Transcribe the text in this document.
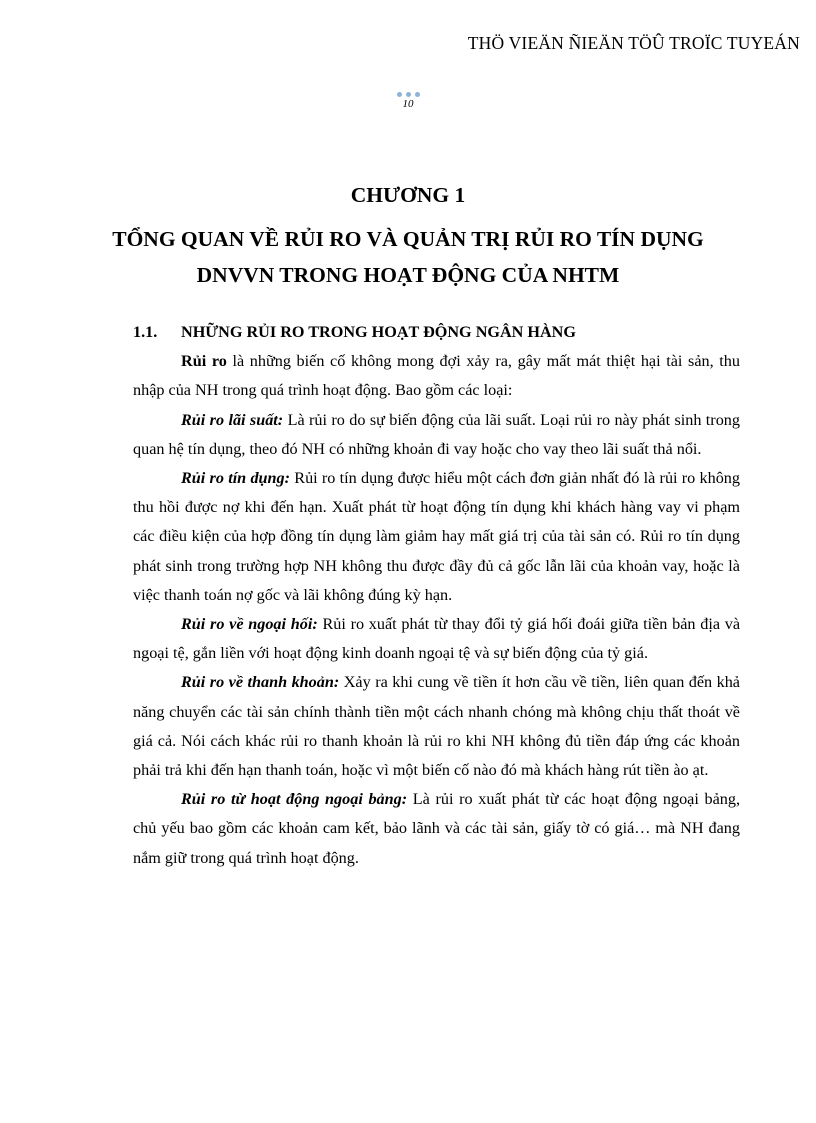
THÖ VIEÄN ÑIEÄN TÖÛ TROÏC TUYEÁN
10
CHƯƠNG 1
TỔNG QUAN VỀ RỦI RO VÀ QUẢN TRỊ RỦI RO TÍN DỤNG
DNVVN TRONG HOẠT ĐỘNG CỦA NHTM
1.1.	NHỮNG RỦI RO TRONG HOẠT ĐỘNG NGÂN HÀNG

Rủi ro là những biến cố không mong đợi xảy ra, gây mất mát thiệt hại tài sản, thu nhập của NH trong quá trình hoạt động. Bao gồm các loại:

Rủi ro lãi suất: Là rủi ro do sự biến động của lãi suất. Loại rủi ro này phát sinh trong quan hệ tín dụng, theo đó NH có những khoản đi vay hoặc cho vay theo lãi suất thả nổi.

Rủi ro tín dụng: Rủi ro tín dụng được hiểu một cách đơn giản nhất đó là rủi ro không thu hồi được nợ khi đến hạn. Xuất phát từ hoạt động tín dụng khi khách hàng vay vi phạm các điều kiện của hợp đồng tín dụng làm giảm hay mất giá trị của tài sản có. Rủi ro tín dụng phát sinh trong trường hợp NH không thu được đầy đủ cả gốc lẫn lãi của khoản vay, hoặc là việc thanh toán nợ gốc và lãi không đúng kỳ hạn.

Rủi ro về ngoại hối: Rủi ro xuất phát từ thay đổi tỷ giá hối đoái giữa tiền bản địa và ngoại tệ, gắn liền với hoạt động kinh doanh ngoại tệ và sự biến động của tỷ giá.

Rủi ro về thanh khoản: Xảy ra khi cung về tiền ít hơn cầu về tiền, liên quan đến khả năng chuyển các tài sản chính thành tiền một cách nhanh chóng mà không chịu thất thoát về giá cả. Nói cách khác rủi ro thanh khoản là rủi ro khi NH không đủ tiền đáp ứng các khoản phải trả khi đến hạn thanh toán, hoặc vì một biến cố nào đó mà khách hàng rút tiền ào ạt.

Rủi ro từ hoạt động ngoại bảng: Là rủi ro xuất phát từ các hoạt động ngoại bảng, chủ yếu bao gồm các khoản cam kết, bảo lãnh và các tài sản, giấy tờ có giá… mà NH đang nắm giữ trong quá trình hoạt động.
